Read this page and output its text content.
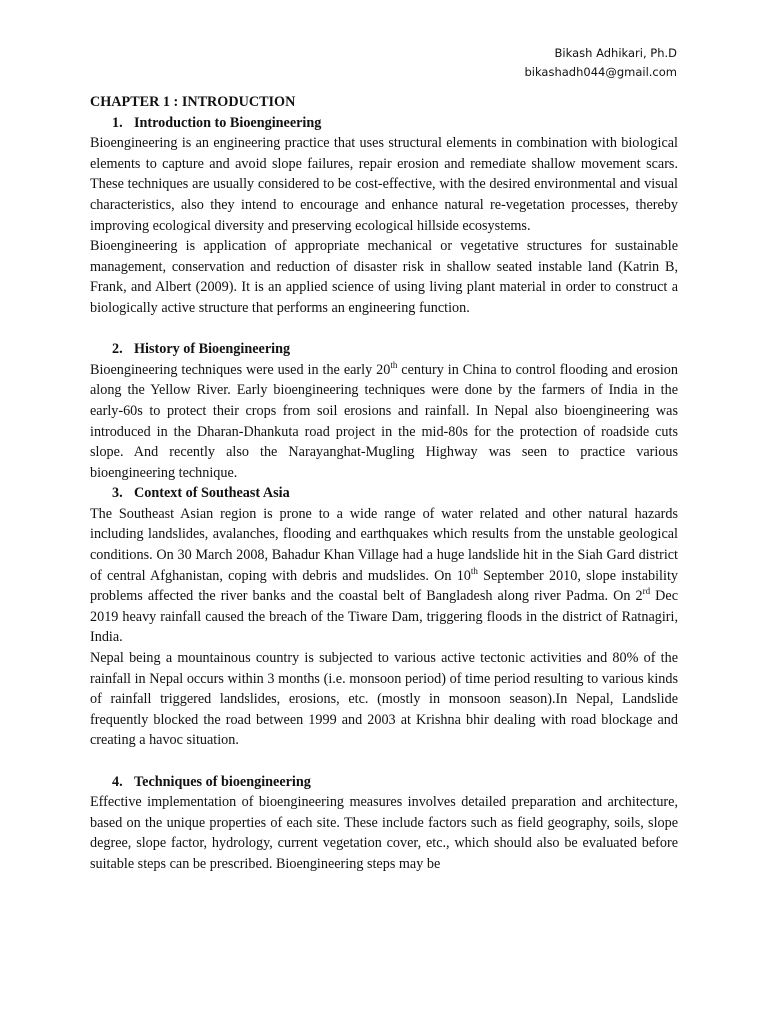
Bikash Adhikari, Ph.D
bikashadh044@gmail.com
CHAPTER 1 : INTRODUCTION
1. Introduction to Bioengineering

Bioengineering is an engineering practice that uses structural elements in combination with biological elements to capture and avoid slope failures, repair erosion and remediate shallow movement scars. These techniques are usually considered to be cost-effective, with the desired environmental and visual characteristics, also they intend to encourage and enhance natural re-vegetation processes, thereby improving ecological diversity and preserving ecological hillside ecosystems.

Bioengineering is application of appropriate mechanical or vegetative structures for sustainable management, conservation and reduction of disaster risk in shallow seated instable land (Katrin B, Frank, and Albert (2009). It is an applied science of using living plant material in order to construct a biologically active structure that performs an engineering function.

2. History of Bioengineering

Bioengineering techniques were used in the early 20th century in China to control flooding and erosion along the Yellow River. Early bioengineering techniques were done by the farmers of India in the early-60s to protect their crops from soil erosions and rainfall. In Nepal also bioengineering was introduced in the Dharan-Dhankuta road project in the mid-80s for the protection of roadside cuts slope. And recently also the Narayanghat-Mugling Highway was seen to practice various bioengineering technique.

3. Context of Southeast Asia

The Southeast Asian region is prone to a wide range of water related and other natural hazards including landslides, avalanches, flooding and earthquakes which results from the unstable geological conditions. On 30 March 2008, Bahadur Khan Village had a huge landslide hit in the Siah Gard district of central Afghanistan, coping with debris and mudslides. On 10th September 2010, slope instability problems affected the river banks and the coastal belt of Bangladesh along river Padma. On 2rd Dec 2019 heavy rainfall caused the breach of the Tiware Dam, triggering floods in the district of Ratnagiri, India.

Nepal being a mountainous country is subjected to various active tectonic activities and 80% of the rainfall in Nepal occurs within 3 months (i.e. monsoon period) of time period resulting to various kinds of rainfall triggered landslides, erosions, etc. (mostly in monsoon season).In Nepal, Landslide frequently blocked the road between 1999 and 2003 at Krishna bhir dealing with road blockage and creating a havoc situation.

4. Techniques of bioengineering

Effective implementation of bioengineering measures involves detailed preparation and architecture, based on the unique properties of each site. These include factors such as field geography, soils, slope degree, slope factor, hydrology, current vegetation cover, etc., which should also be evaluated before suitable steps can be prescribed. Bioengineering steps may be
